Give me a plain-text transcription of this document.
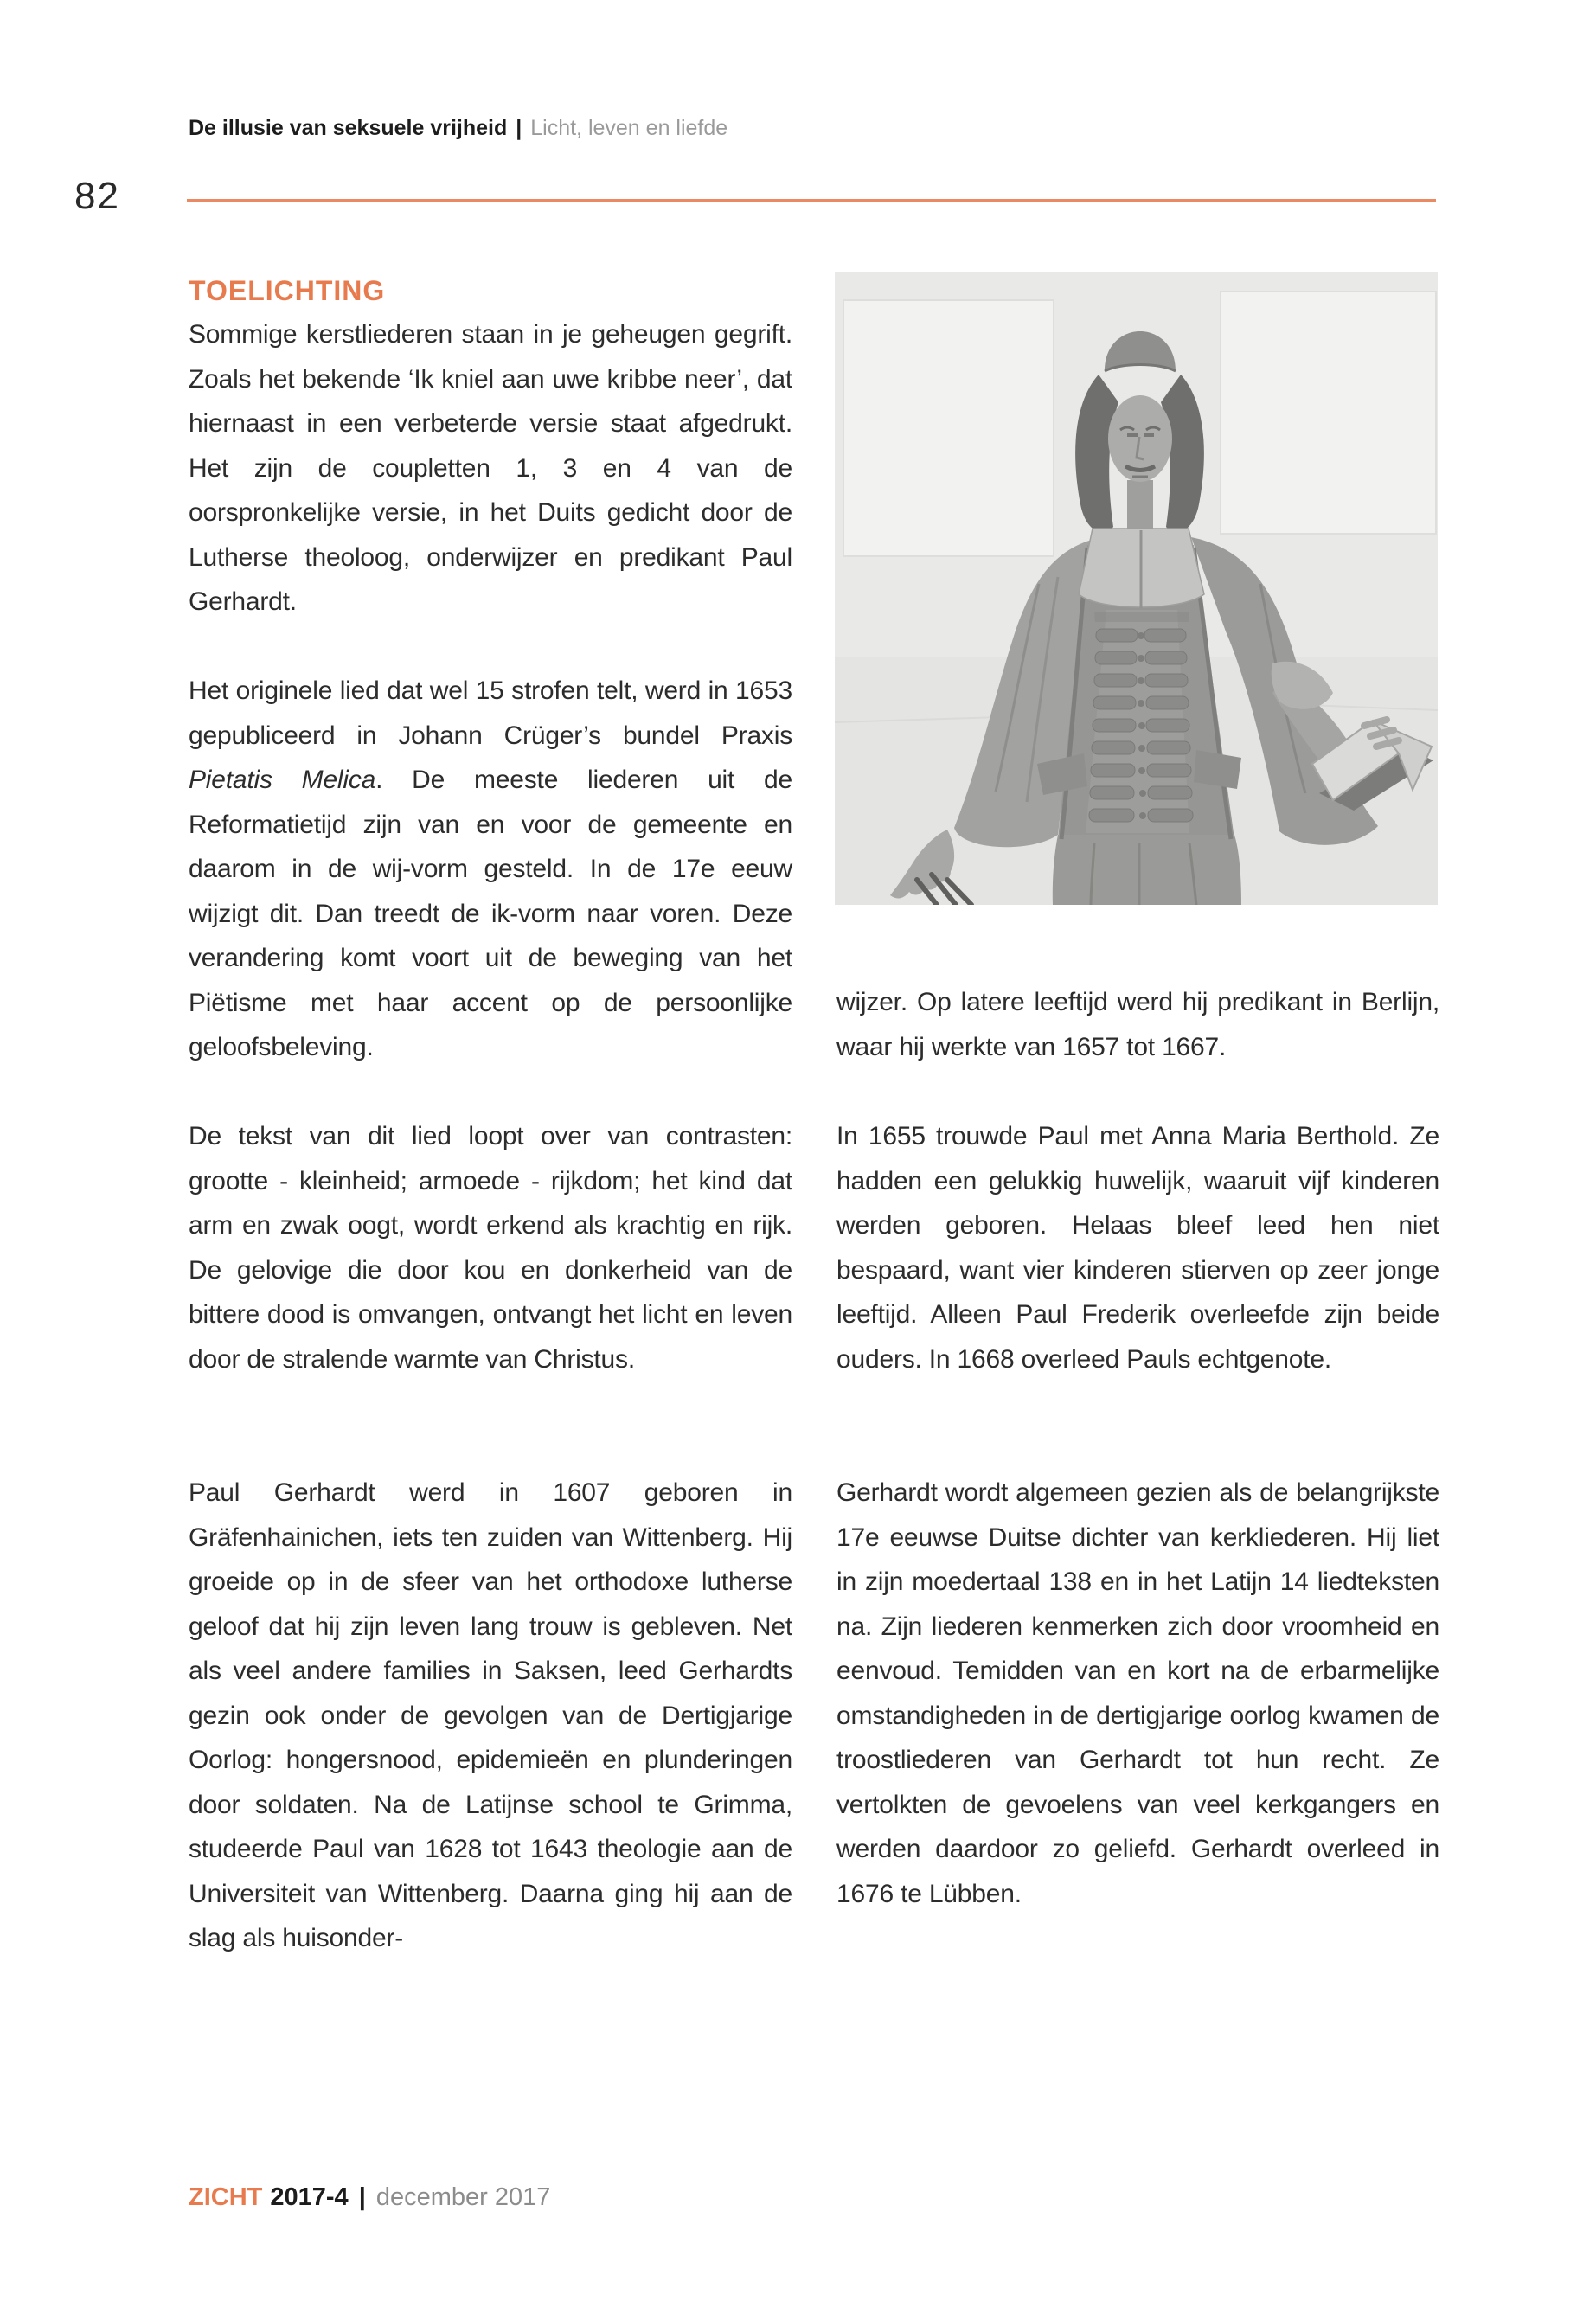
De illusie van seksuele vrijheid | Licht, leven en liefde
82
TOELICHTING

Sommige kerstliederen staan in je geheugen gegrift. Zoals het bekende ‘Ik kniel aan uwe kribbe neer’, dat hiernaast in een verbeterde versie staat afgedrukt. Het zijn de coupletten 1, 3 en 4 van de oorspronkelijke versie, in het Duits gedicht door de Lutherse theoloog, onderwijzer en predikant Paul Gerhardt.

Het originele lied dat wel 15 strofen telt, werd in 1653 gepubliceerd in Johann Crüger’s bundel Praxis Pietatis Melica. De meeste liederen uit de Reformatietijd zijn van en voor de gemeente en daarom in de wij-vorm gesteld. In de 17e eeuw wijzigt dit. Dan treedt de ik-vorm naar voren. Deze verandering komt voort uit de beweging van het Piëtisme met haar accent op de persoonlijke geloofsbeleving.

De tekst van dit lied loopt over van contrasten: grootte - kleinheid; armoede - rijkdom; het kind dat arm en zwak oogt, wordt erkend als krachtig en rijk. De gelovige die door kou en donkerheid van de bittere dood is omvangen, ontvangt het licht en leven door de stralende warmte van Christus.

Paul Gerhardt werd in 1607 geboren in Gräfenhainichen, iets ten zuiden van Wittenberg. Hij groeide op in de sfeer van het orthodoxe lutherse geloof dat hij zijn leven lang trouw is gebleven. Net als veel andere families in Saksen, leed Gerhardts gezin ook onder de gevolgen van de Dertigjarige Oorlog: hongersnood, epidemieën en plunderingen door soldaten. Na de Latijnse school te Grimma, studeerde Paul van 1628 tot 1643 theologie aan de Universiteit van Wittenberg. Daarna ging hij aan de slag als huisonder-

wijzer. Op latere leeftijd werd hij predikant in Berlijn, waar hij werkte van 1657 tot 1667.

In 1655 trouwde Paul met Anna Maria Berthold. Ze hadden een gelukkig huwelijk, waaruit vijf kinderen werden geboren. Helaas bleef leed hen niet bespaard, want vier kinderen stierven op zeer jonge leeftijd. Alleen Paul Frederik overleefde zijn beide ouders. In 1668 overleed Pauls echtgenote.

Gerhardt wordt algemeen gezien als de belangrijkste 17e eeuwse Duitse dichter van kerkliederen. Hij liet in zijn moedertaal 138 en in het Latijn 14 liedteksten na. Zijn liederen kenmerken zich door vroomheid en eenvoud. Temidden van en kort na de erbarmelijke omstandigheden in de dertigjarige oorlog kwamen de troostliederen van Gerhardt tot hun recht. Ze vertolkten de gevoelens van veel kerkgangers en werden daardoor zo geliefd. Gerhardt overleed in 1676 te Lübben.

ZICHT 2017-4 | december 2017
